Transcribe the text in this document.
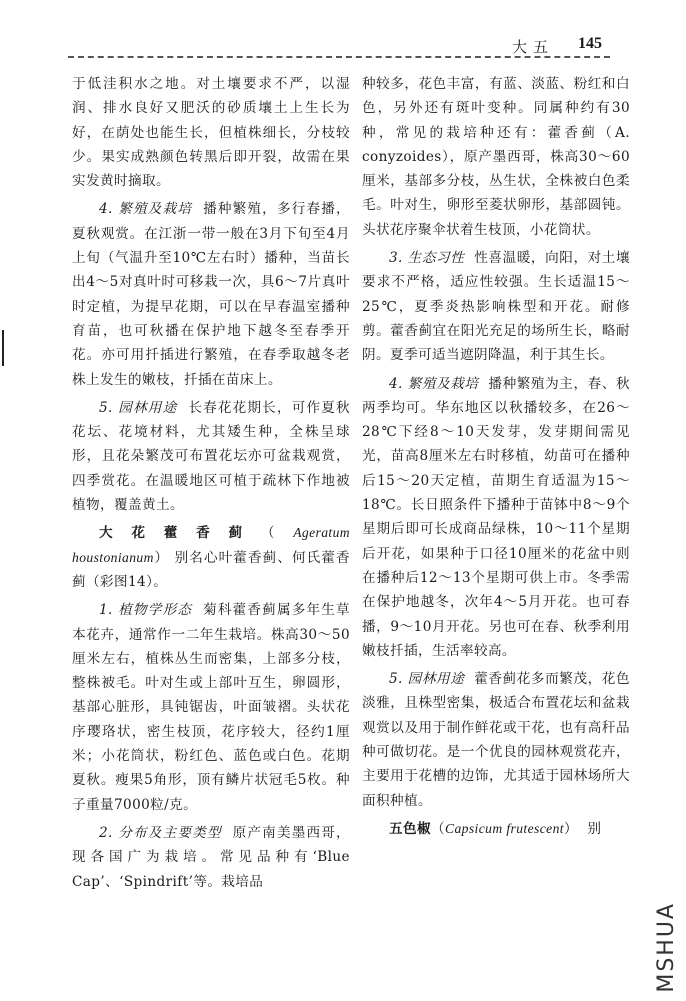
大五 145

于低洼积水之地。对土壤要求不严，以湿润、排水良好又肥沃的砂质壤土上生长为好，在荫处也能生长，但植株细长，分枝较少。果实成熟颜色转黑后即开裂，故需在果实发黄时摘取。

4. 繁殖及栽培 播种繁殖，多行春播，夏秋观赏。在江浙一带一般在3月下旬至4月上旬（气温升至10℃左右时）播种，当苗长出4～5对真叶时可移栽一次，具6～7片真叶时定植，为提早花期，可以在早春温室播种育苗，也可秋播在保护地下越冬至春季开花。亦可用扦插进行繁殖，在春季取越冬老株上发生的嫩枝，扦插在苗床上。

5. 园林用途 长春花花期长，可作夏秋花坛、花境材料，尤其矮生种，全株呈球形，且花朵繁茂可布置花坛亦可盆栽观赏，四季赏花。在温暖地区可植于疏林下作地被植物，覆盖黄土。

大花藿香蓟（Ageratum houstonianum） 别名心叶藿香蓟、何氏藿香蓟（彩图14）。

1. 植物学形态 菊科藿香蓟属多年生草本花卉，通常作一二年生栽培。株高30～50厘米左右，植株丛生而密集，上部多分枝，整株被毛。叶对生或上部叶互生，卵圆形，基部心脏形，具钝锯齿，叶面皱褶。头状花序璎珞状，密生枝顶，花序较大，径约1厘米；小花筒状，粉红色、蓝色或白色。花期夏秋。瘦果5角形，顶有鳞片状冠毛5枚。种子重量7000粒/克。

2. 分布及主要类型 原产南美墨西哥，现各国广为栽培。常见品种有‘Blue Cap’、‘Spindrift’等。栽培品

种较多，花色丰富，有蓝、淡蓝、粉红和白色，另外还有斑叶变种。同属种约有30种，常见的栽培种还有：藿香蓟（A. conyzoides），原产墨西哥，株高30～60厘米，基部多分枝，丛生状，全株被白色柔毛。叶对生，卵形至菱状卵形，基部圆钝。头状花序聚伞状着生枝顶，小花筒状。

3. 生态习性 性喜温暖，向阳，对土壤要求不严格，适应性较强。生长适温15～25℃，夏季炎热影响株型和开花。耐修剪。藿香蓟宜在阳光充足的场所生长，略耐阴。夏季可适当遮阴降温，利于其生长。

4. 繁殖及栽培 播种繁殖为主，春、秋两季均可。华东地区以秋播较多，在26～28℃下经8～10天发芽，发芽期间需见光，苗高8厘米左右时移植，幼苗可在播种后15～20天定植，苗期生育适温为15～18℃。长日照条件下播种于苗钵中8～9个星期后即可长成商品绿株，10～11个星期后开花，如果种于口径10厘米的花盆中则在播种后12～13个星期可供上市。冬季需在保护地越冬，次年4～5月开花。也可春播，9～10月开花。另也可在春、秋季利用嫩枝扦插，生活率较高。

5. 园林用途 藿香蓟花多而繁茂，花色淡雅，且株型密集，极适合布置花坛和盆栽观赏以及用于制作鲜花或干花，也有高秆品种可做切花。是一个优良的园林观赏花卉，主要用于花槽的边饰，尤其适于园林场所大面积种植。

五色椒（Capsicum frutescent）  别

MSHUA
